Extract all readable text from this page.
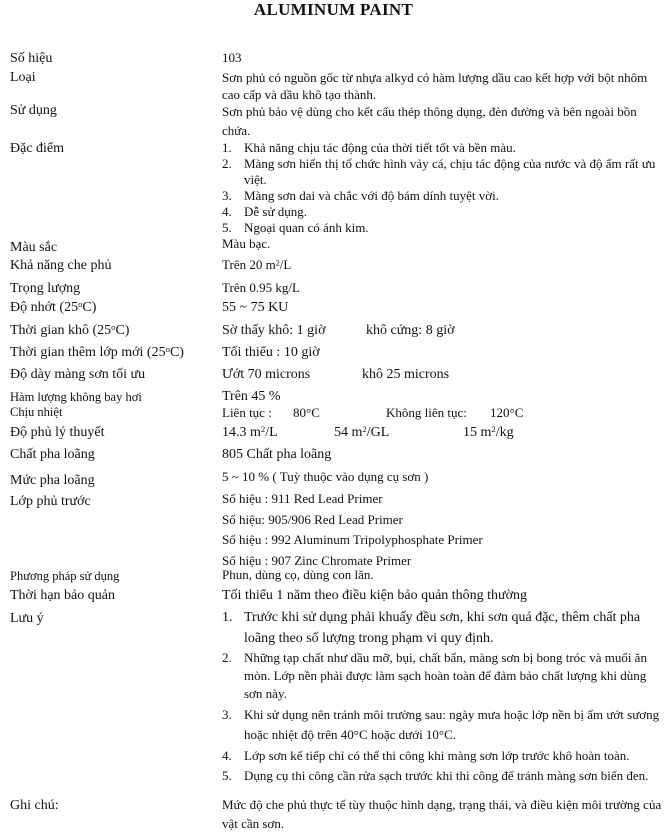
ALUMINUM PAINT
Số hiệu	103
Loại	Sơn phủ có nguồn gốc từ nhựa alkyd có hàm lượng dầu cao kết hợp với bột nhôm cao cấp và dầu khô tạo thành.
Sử dụng	Sơn phủ bảo vệ dùng cho kết cấu thép thông dụng, đèn đường và bên ngoài bồn chứa.
Đặc điểm	1. Khả năng chịu tác động của thời tiết tốt và bền màu.
2. Màng sơn hiển thị tổ chức hình vảy cá, chịu tác động của nước và độ ẩm rất ưu việt.
3. Màng sơn dai và chắc với độ bám dính tuyệt vời.
4. Dễ sử dụng.
5. Ngoại quan có ánh kim.
Màu sắc	Màu bạc.
Khả năng che phủ	Trên 20 $m^2/L$
Trọng lượng	Trên 0.95 kg/L
Độ nhớt (25$^o$C)	55 ~ 75 KU
Thời gian khô (25$^o$C)	Sờ thấy khô: 1 giờ	khô cứng: 8 giờ
Thời gian thêm lớp mới (25$^o$C)	Tối thiểu : 10 giờ
Độ dày màng sơn tối ưu	Ướt 70 microns	khô 25 microns
Hàm lượng không bay hơi	Trên 45 %
Chịu nhiệt	Liên tục : 80°C	Không liên tục: 120°C
Độ phủ lý thuyết	14.3 $m^2/L$	54 $m^2/GL$	15 $m^2/kg$
Chất pha loãng	805 Chất pha loãng
Mức pha loãng	5 ~ 10 % ( Tuỳ thuộc vào dụng cụ sơn )
Lớp phủ trước	Số hiệu : 911 Red Lead Primer
Số hiệu: 905/906 Red Lead Primer
Số hiệu : 992 Aluminum Tripolyphosphate Primer
Số hiệu : 907 Zinc Chromate Primer
Phương pháp sử dụng	Phun, dùng cọ, dùng con lăn.
Thời hạn bảo quản	Tối thiểu 1 năm theo điều kiện bảo quản thông thường
Lưu ý	1. Trước khi sử dụng phải khuấy đều sơn, khi sơn quá đặc, thêm chất pha loãng theo số lượng trong phạm vi quy định.
2. Những tạp chất như dầu mỡ, bụi, chất bẩn, màng sơn bị bong tróc và muối ăn mòn. Lớp nền phải được làm sạch hoàn toàn để đảm bảo chất lượng khi dùng sơn này.
3. Khi sử dụng nên tránh môi trường sau: ngày mưa hoặc lớp nền bị ẩm ướt sương hoặc nhiệt độ trên 40°C hoặc dưới 10°C.
4. Lớp sơn kế tiếp chỉ có thể thi công khi màng sơn lớp trước khô hoàn toàn.
5. Dụng cụ thi công cần rửa sạch trước khi thi công để tránh màng sơn biến đen.
Ghi chú:	Mức độ che phủ thực tế tùy thuộc hình dạng, trạng thái, và điều kiện môi trường của vật cần sơn.
